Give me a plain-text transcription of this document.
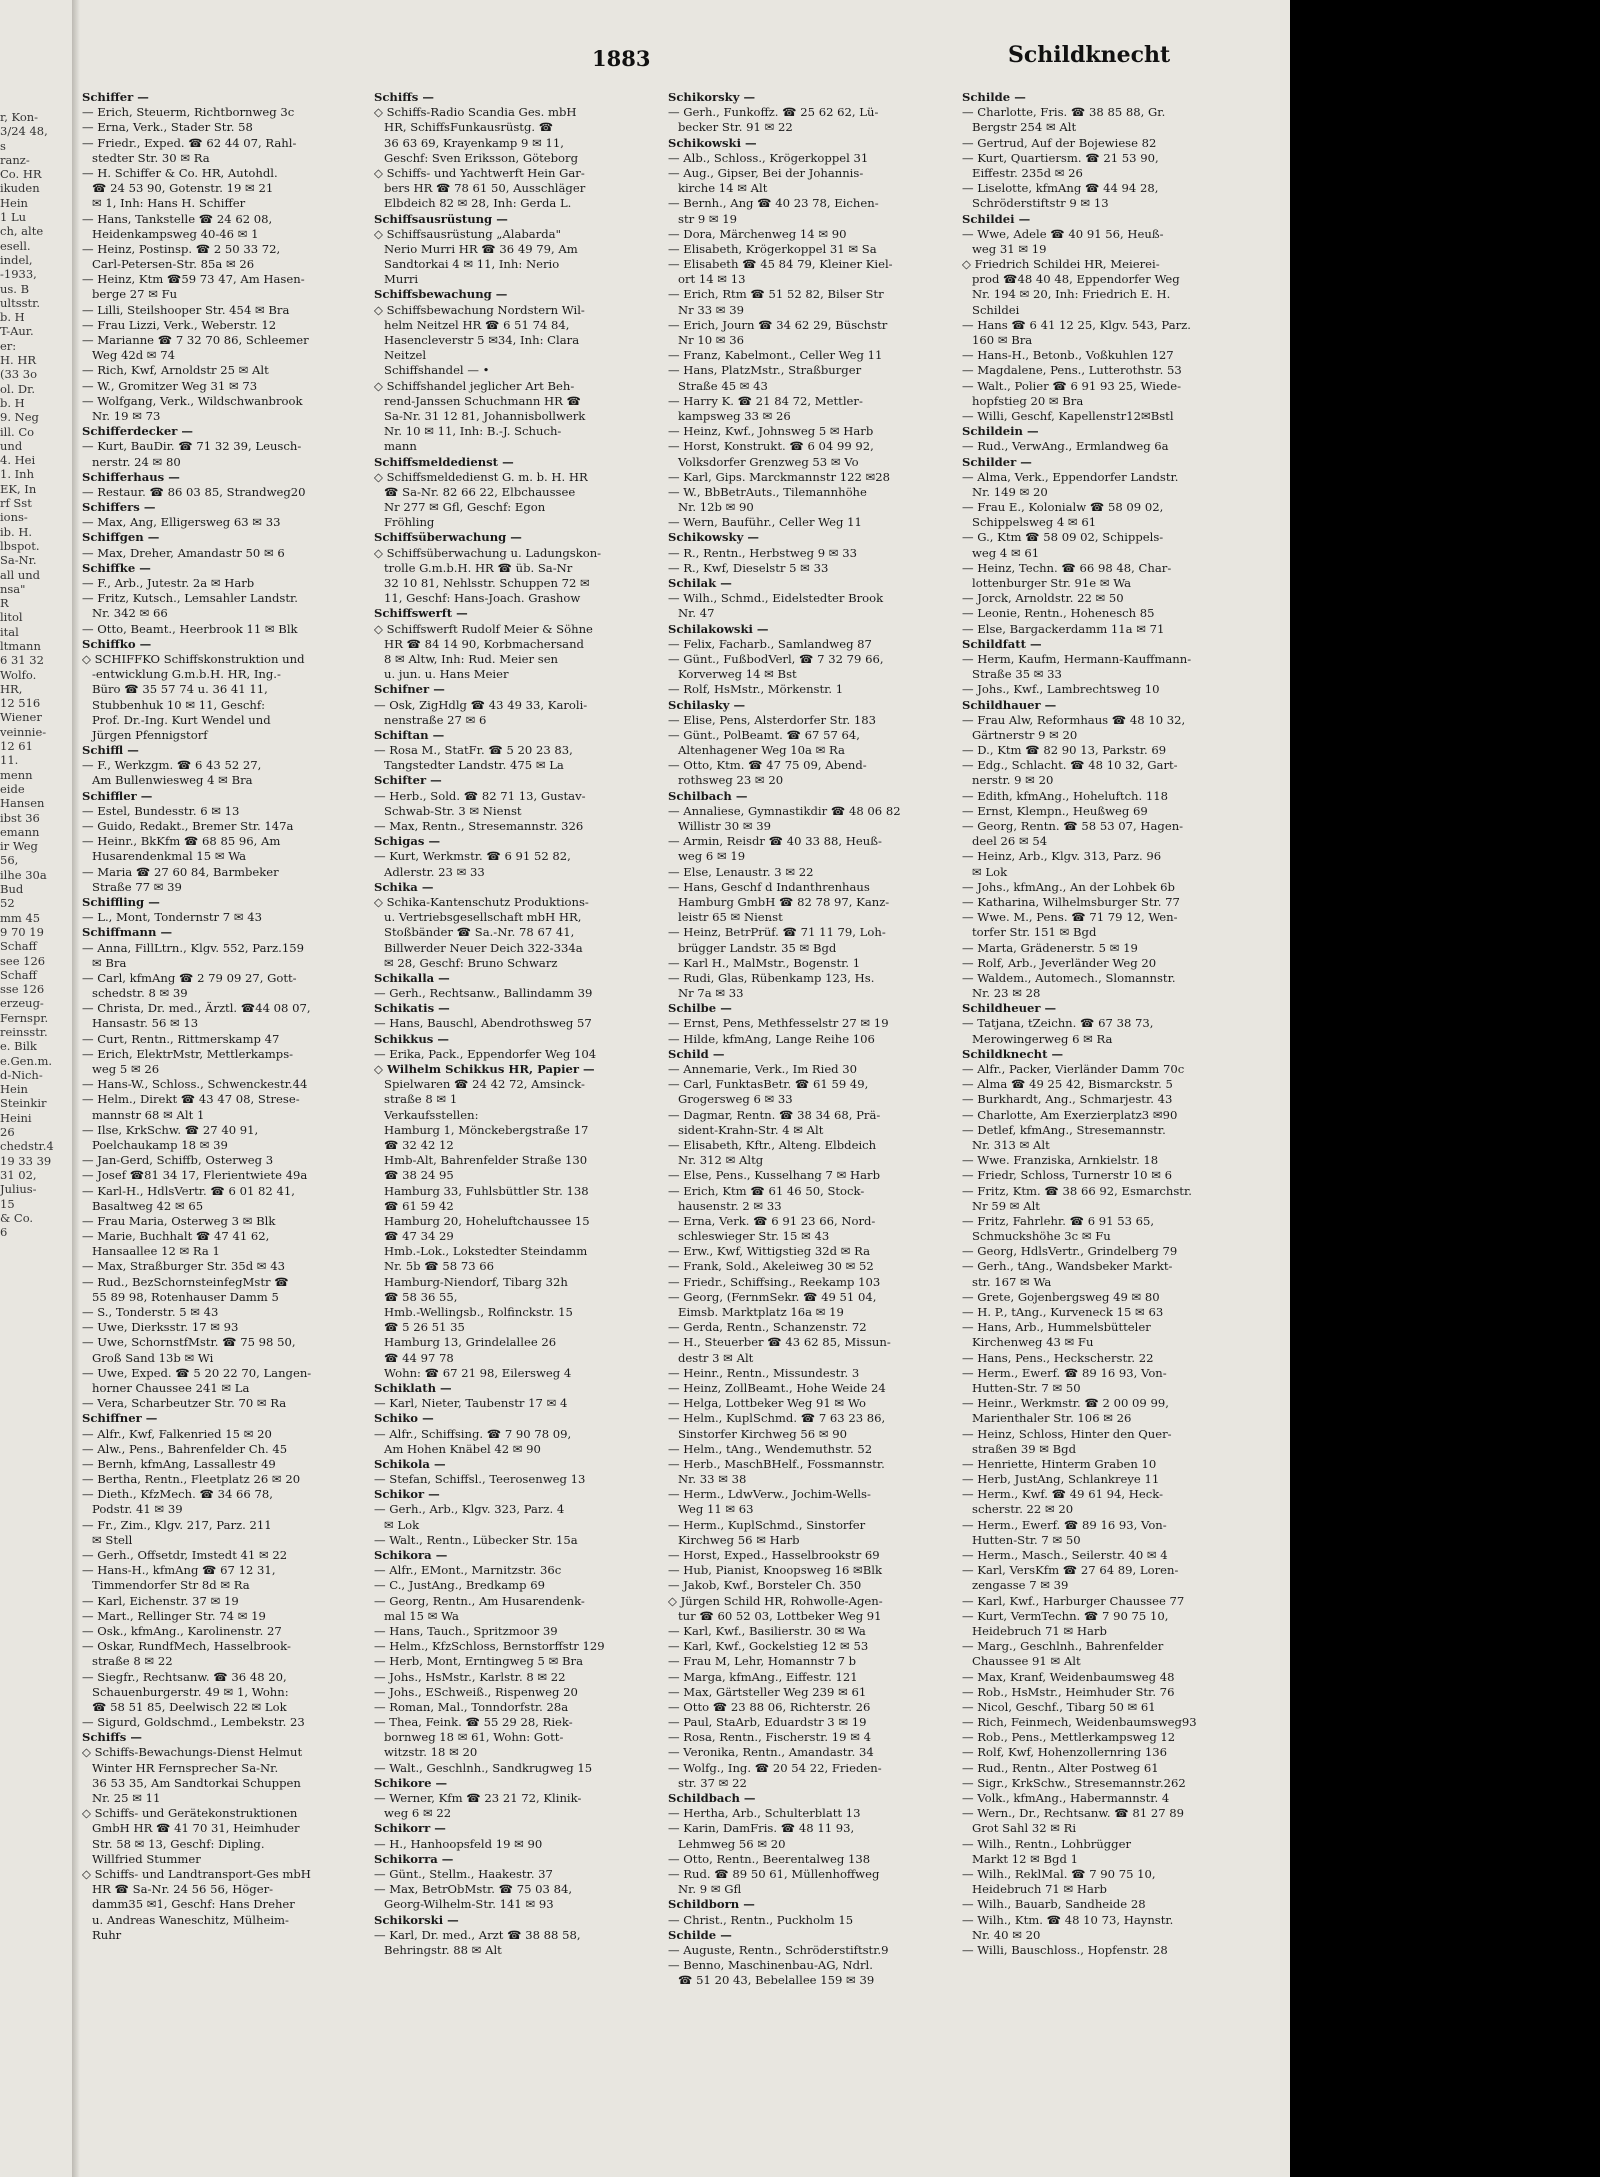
r, Kon-
3/24 48,
s
ranz-
Co. HR
ikuden
Hein
1 Lu
ch, alte
esell.
indel,
-1933,
us. B
ultsstr.
b. H
T-Aur.
er:
H. HR
(33 3o
ol. Dr.
b. H
9. Neg
ill. Co
und
4. Hei
1. Inh
EK, In
rf Sst
ions-
ib. H.
lbspot.
Sa-Nr.
all und
nsa"
R
litol
ital
ltmann
6 31 32
Wolfo.
HR,
12 516
Wiener
veinnie-
12 61
11.
menn
eide
Hansen
ibst 36
emann
ir Weg
56,
ilhe 30a
Bud
52
mm 45
9 70 19
Schaff
see 126
Schaff
sse 126
erzeug-
Fernspr.
reinsstr.
e. Bilk
e.Gen.m.
d-Nich-
Hein
Steinkir
Heini
26
chedstr.4
19 33 39
31 02,
Julius-
15
& Co.
6
1883	Schildknecht
Schiffer —
— Erich, Steuerm, Richtbornweg 3c
— Erna, Verk., Stader Str. 58
— Friedr., Exped. ☎ 62 44 07, Rahl-
stedter Str. 30 ✉ Ra
— H. Schiffer & Co. HR, Autohdl.
☎ 24 53 90, Gotenstr. 19 ✉ 21
✉ 1, Inh: Hans H. Schiffer
— Hans, Tankstelle ☎ 24 62 08,
Heidenkampsweg 40-46 ✉ 1
— Heinz, Postinsp. ☎ 2 50 33 72,
Carl-Petersen-Str. 85a ✉ 26
— Heinz, Ktm ☎59 73 47, Am Hasen-
berge 27 ✉ Fu
— Lilli, Steilshooper Str. 454 ✉ Bra
— Frau Lizzi, Verk., Weberstr. 12
— Marianne ☎ 7 32 70 86, Schleemer
Weg 42d ✉ 74
— Rich, Kwf, Arnoldstr 25 ✉ Alt
— W., Gromitzer Weg 31 ✉ 73
— Wolfgang, Verk., Wildschwanbrook
Nr. 19 ✉ 73
Schifferdecker —
— Kurt, BauDir. ☎ 71 32 39, Leusch-
nerstr. 24 ✉ 80
Schifferhaus —
— Restaur. ☎ 86 03 85, Strandweg20
Schiffers —
— Max, Ang, Elligersweg 63 ✉ 33
Schiffgen —
— Max, Dreher, Amandastr 50 ✉ 6
Schiffke —
— F., Arb., Jutestr. 2a ✉ Harb
— Fritz, Kutsch., Lemsahler Landstr.
Nr. 342 ✉ 66
— Otto, Beamt., Heerbrook 11 ✉ Blk
Schiffko —
◇ SCHIFFKO Schiffskonstruktion und
-entwicklung G.m.b.H. HR, Ing.-
Büro ☎ 35 57 74 u. 36 41 11,
Stubbenhuk 10 ✉ 11, Geschf:
Prof. Dr.-Ing. Kurt Wendel und
Jürgen Pfennigstorf
Schiffl —
— F., Werkzgm. ☎ 6 43 52 27,
Am Bullenwiesweg 4 ✉ Bra
Schiffler —
— Estel, Bundesstr. 6 ✉ 13
— Guido, Redakt., Bremer Str. 147a
— Heinr., BkKfm ☎ 68 85 96, Am
Husarendenkmal 15 ✉ Wa
— Maria ☎ 27 60 84, Barmbeker
Straße 77 ✉ 39
Schiffling —
— L., Mont, Tondernstr 7 ✉ 43
Schiffmann —
— Anna, FillLtrn., Klgv. 552, Parz.159
✉ Bra
— Carl, kfmAng ☎ 2 79 09 27, Gott-
schedstr. 8 ✉ 39
— Christa, Dr. med., Ärztl. ☎44 08 07,
Hansastr. 56 ✉ 13
— Curt, Rentn., Rittmerskamp 47
— Erich, ElektrMstr, Mettlerkamps-
weg 5 ✉ 26
— Hans-W., Schloss., Schwenckestr.44
— Helm., Direkt ☎ 43 47 08, Strese-
mannstr 68 ✉ Alt 1
— Ilse, KrkSchw. ☎ 27 40 91,
Poelchaukamp 18 ✉ 39
— Jan-Gerd, Schiffb, Osterweg 3
— Josef ☎81 34 17, Flerientwiete 49a
— Karl-H., HdlsVertr. ☎ 6 01 82 41,
Basaltweg 42 ✉ 65
— Frau Maria, Osterweg 3 ✉ Blk
— Marie, Buchhalt ☎ 47 41 62,
Hansaallee 12 ✉ Ra 1
— Max, Straßburger Str. 35d ✉ 43
— Rud., BezSchornsteinfegMstr ☎
55 89 98, Rotenhauser Damm 5
— S., Tonderstr. 5 ✉ 43
— Uwe, Dierksstr. 17 ✉ 93
— Uwe, SchornstfMstr. ☎ 75 98 50,
Groß Sand 13b ✉ Wi
— Uwe, Exped. ☎ 5 20 22 70, Langen-
horner Chaussee 241 ✉ La
— Vera, Scharbeutzer Str. 70 ✉ Ra
Schiffner —
— Alfr., Kwf, Falkenried 15 ✉ 20
— Alw., Pens., Bahrenfelder Ch. 45
— Bernh, kfmAng, Lassallestr 49
— Bertha, Rentn., Fleetplatz 26 ✉ 20
— Dieth., KfzMech. ☎ 34 66 78,
Podstr. 41 ✉ 39
— Fr., Zim., Klgv. 217, Parz. 211
✉ Stell
— Gerh., Offsetdr, Imstedt 41 ✉ 22
— Hans-H., kfmAng ☎ 67 12 31,
Timmendorfer Str 8d ✉ Ra
— Karl, Eichenstr. 37 ✉ 19
— Mart., Rellinger Str. 74 ✉ 19
— Osk., kfmAng., Karolinenstr. 27
— Oskar, RundfMech, Hasselbrook-
straße 8 ✉ 22
— Siegfr., Rechtsanw. ☎ 36 48 20,
Schauenburgerstr. 49 ✉ 1, Wohn:
☎ 58 51 85, Deelwisch 22 ✉ Lok
— Sigurd, Goldschmd., Lembekstr. 23
Schiffs —
◇ Schiffs-Bewachungs-Dienst Helmut
Winter HR Fernsprecher Sa-Nr.
36 53 35, Am Sandtorkai Schuppen
Nr. 25 ✉ 11
◇ Schiffs- und Gerätekonstruktionen
GmbH HR ☎ 41 70 31, Heimhuder
Str. 58 ✉ 13, Geschf: Dipling.
Willfried Stummer
◇ Schiffs- und Landtransport-Ges mbH
HR ☎ Sa-Nr. 24 56 56, Höger-
damm35 ✉1, Geschf: Hans Dreher
u. Andreas Waneschitz, Mülheim-
Ruhr
Schiffs —
◇ Schiffs-Radio Scandia Ges. mbH
HR, SchiffsFunkausrüstg. ☎
36 63 69, Krayenkamp 9 ✉ 11,
Geschf: Sven Eriksson, Göteborg
◇ Schiffs- und Yachtwerft Hein Gar-
bers HR ☎ 78 61 50, Ausschläger
Elbdeich 82 ✉ 28, Inh: Gerda L.
Schiffsausrüstung —
◇ Schiffsausrüstung „Alabarda"
Nerio Murri HR ☎ 36 49 79, Am
Sandtorkai 4 ✉ 11, Inh: Nerio
Murri
Schiffsbewachung —
◇ Schiffsbewachung Nordstern Wil-
helm Neitzel HR ☎ 6 51 74 84,
Hasencleverstr 5 ✉34, Inh: Clara
Neitzel
Schiffshandel — •
◇ Schiffshandel jeglicher Art Beh-
rend-Janssen Schuchmann HR ☎
Sa-Nr. 31 12 81, Johannisbollwerk
Nr. 10 ✉ 11, Inh: B.-J. Schuch-
mann
Schiffsmeldedienst —
◇ Schiffsmeldedienst G. m. b. H. HR
☎ Sa-Nr. 82 66 22, Elbchaussee
Nr 277 ✉ Gfl, Geschf: Egon
Fröhling
Schiffsüberwachung —
◇ Schiffsüberwachung u. Ladungskon-
trolle G.m.b.H. HR ☎ üb. Sa-Nr
32 10 81, Nehlsstr. Schuppen 72 ✉
11, Geschf: Hans-Joach. Grashow
Schiffswerft —
◇ Schiffswerft Rudolf Meier & Söhne
HR ☎ 84 14 90, Korbmachersand
8 ✉ Altw, Inh: Rud. Meier sen
u. jun. u. Hans Meier
Schifner —
— Osk, ZigHdlg ☎ 43 49 33, Karoli-
nenstraße 27 ✉ 6
Schiftan —
— Rosa M., StatFr. ☎ 5 20 23 83,
Tangstedter Landstr. 475 ✉ La
Schifter —
— Herb., Sold. ☎ 82 71 13, Gustav-
Schwab-Str. 3 ✉ Nienst
— Max, Rentn., Stresemannstr. 326
Schigas —
— Kurt, Werkmstr. ☎ 6 91 52 82,
Adlerstr. 23 ✉ 33
Schika —
◇ Schika-Kantenschutz Produktions-
u. Vertriebsgesellschaft mbH HR,
Stoßbänder ☎ Sa.-Nr. 78 67 41,
Billwerder Neuer Deich 322-334a
✉ 28, Geschf: Bruno Schwarz
Schikalla —
— Gerh., Rechtsanw., Ballindamm 39
Schikatis —
— Hans, Bauschl, Abendrothsweg 57
Schikkus —
— Erika, Pack., Eppendorfer Weg 104
◇ Wilhelm Schikkus HR, Papier —
Spielwaren ☎ 24 42 72, Amsinck-
straße 8 ✉ 1
Verkaufsstellen:
Hamburg 1, Mönckebergstraße 17
☎ 32 42 12
Hmb-Alt, Bahrenfelder Straße 130
☎ 38 24 95
Hamburg 33, Fuhlsbüttler Str. 138
☎ 61 59 42
Hamburg 20, Hoheluftchaussee 15
☎ 47 34 29
Hmb.-Lok., Lokstedter Steindamm
Nr. 5b ☎ 58 73 66
Hamburg-Niendorf, Tibarg 32h
☎ 58 36 55,
Hmb.-Wellingsb., Rolfinckstr. 15
☎ 5 26 51 35
Hamburg 13, Grindelallee 26
☎ 44 97 78
Wohn: ☎ 67 21 98, Eilersweg 4
Schiklath —
— Karl, Nieter, Taubenstr 17 ✉ 4
Schiko —
— Alfr., Schiffsing. ☎ 7 90 78 09,
Am Hohen Knäbel 42 ✉ 90
Schikola —
— Stefan, Schiffsl., Teerosenweg 13
Schikor —
— Gerh., Arb., Klgv. 323, Parz. 4
✉ Lok
— Walt., Rentn., Lübecker Str. 15a
Schikora —
— Alfr., EMont., Marnitzstr. 36c
— C., JustAng., Bredkamp 69
— Georg, Rentn., Am Husarendenk-
mal 15 ✉ Wa
— Hans, Tauch., Spritzmoor 39
— Helm., KfzSchloss, Bernstorffstr 129
— Herb, Mont, Erntingweg 5 ✉ Bra
— Johs., HsMstr., Karlstr. 8 ✉ 22
— Johs., ESchweiß., Rispenweg 20
— Roman, Mal., Tonndorfstr. 28a
— Thea, Feink. ☎ 55 29 28, Riek-
bornweg 18 ✉ 61, Wohn: Gott-
witzstr. 18 ✉ 20
— Walt., Geschlnh., Sandkrugweg 15
Schikore —
— Werner, Kfm ☎ 23 21 72, Klinik-
weg 6 ✉ 22
Schikorr —
— H., Hanhoopsfeld 19 ✉ 90
Schikorra —
— Günt., Stellm., Haakestr. 37
— Max, BetrObMstr. ☎ 75 03 84,
Georg-Wilhelm-Str. 141 ✉ 93
Schikorski —
— Karl, Dr. med., Arzt ☎ 38 88 58,
Behringstr. 88 ✉ Alt
Schikorsky —
— Gerh., Funkoffz. ☎ 25 62 62, Lü-
becker Str. 91 ✉ 22
Schikowski —
— Alb., Schloss., Krögerkoppel 31
— Aug., Gipser, Bei der Johannis-
kirche 14 ✉ Alt
— Bernh., Ang ☎ 40 23 78, Eichen-
str 9 ✉ 19
— Dora, Märchenweg 14 ✉ 90
— Elisabeth, Krögerkoppel 31 ✉ Sa
— Elisabeth ☎ 45 84 79, Kleiner Kiel-
ort 14 ✉ 13
— Erich, Rtm ☎ 51 52 82, Bilser Str
Nr 33 ✉ 39
— Erich, Journ ☎ 34 62 29, Büschstr
Nr 10 ✉ 36
— Franz, Kabelmont., Celler Weg 11
— Hans, PlatzMstr., Straßburger
Straße 45 ✉ 43
— Harry K. ☎ 21 84 72, Mettler-
kampsweg 33 ✉ 26
— Heinz, Kwf., Johnsweg 5 ✉ Harb
— Horst, Konstrukt. ☎ 6 04 99 92,
Volksdorfer Grenzweg 53 ✉ Vo
— Karl, Gips. Marckmannstr 122 ✉28
— W., BbBetrAuts., Tilemannhöhe
Nr. 12b ✉ 90
— Wern, Bauführ., Celler Weg 11
Schikowsky —
— R., Rentn., Herbstweg 9 ✉ 33
— R., Kwf, Dieselstr 5 ✉ 33
Schilak —
— Wilh., Schmd., Eidelstedter Brook
Nr. 47
Schilakowski —
— Felix, Facharb., Samlandweg 87
— Günt., FußbodVerl, ☎ 7 32 79 66,
Korverweg 14 ✉ Bst
— Rolf, HsMstr., Mörkenstr. 1
Schilasky —
— Elise, Pens, Alsterdorfer Str. 183
— Günt., PolBeamt. ☎ 67 57 64,
Altenhagener Weg 10a ✉ Ra
— Otto, Ktm. ☎ 47 75 09, Abend-
rothsweg 23 ✉ 20
Schilbach —
— Annaliese, Gymnastikdir ☎ 48 06 82
Willistr 30 ✉ 39
— Armin, Reisdr ☎ 40 33 88, Heuß-
weg 6 ✉ 19
— Else, Lenaustr. 3 ✉ 22
— Hans, Geschf d Indanthrenhaus
Hamburg GmbH ☎ 82 78 97, Kanz-
leistr 65 ✉ Nienst
— Heinz, BetrPrüf. ☎ 71 11 79, Loh-
brügger Landstr. 35 ✉ Bgd
— Karl H., MalMstr., Bogenstr. 1
— Rudi, Glas, Rübenkamp 123, Hs.
Nr 7a ✉ 33
Schilbe —
— Ernst, Pens, Methfesselstr 27 ✉ 19
— Hilde, kfmAng, Lange Reihe 106
Schild —
— Annemarie, Verk., Im Ried 30
— Carl, FunktasBetr. ☎ 61 59 49,
Grogersweg 6 ✉ 33
— Dagmar, Rentn. ☎ 38 34 68, Prä-
sident-Krahn-Str. 4 ✉ Alt
— Elisabeth, Kftr., Alteng. Elbdeich
Nr. 312 ✉ Altg
— Else, Pens., Kusselhang 7 ✉ Harb
— Erich, Ktm ☎ 61 46 50, Stock-
hausenstr. 2 ✉ 33
— Erna, Verk. ☎ 6 91 23 66, Nord-
schleswieger Str. 15 ✉ 43
— Erw., Kwf, Wittigstieg 32d ✉ Ra
— Frank, Sold., Akeleiweg 30 ✉ 52
— Friedr., Schiffsing., Reekamp 103
— Georg, (FernmSekr. ☎ 49 51 04,
Eimsb. Marktplatz 16a ✉ 19
— Gerda, Rentn., Schanzenstr. 72
— H., Steuerber ☎ 43 62 85, Missun-
destr 3 ✉ Alt
— Heinr., Rentn., Missundestr. 3
— Heinz, ZollBeamt., Hohe Weide 24
— Helga, Lottbeker Weg 91 ✉ Wo
— Helm., KuplSchmd. ☎ 7 63 23 86,
Sinstorfer Kirchweg 56 ✉ 90
— Helm., tAng., Wendemuthstr. 52
— Herb., MaschBHelf., Fossmannstr.
Nr. 33 ✉ 38
— Herm., LdwVerw., Jochim-Wells-
Weg 11 ✉ 63
— Herm., KuplSchmd., Sinstorfer
Kirchweg 56 ✉ Harb
— Horst, Exped., Hasselbrookstr 69
— Hub, Pianist, Knoopsweg 16 ✉Blk
— Jakob, Kwf., Borsteler Ch. 350
◇ Jürgen Schild HR, Rohwolle-Agen-
tur ☎ 60 52 03, Lottbeker Weg 91
— Karl, Kwf., Basilierstr. 30 ✉ Wa
— Karl, Kwf., Gockelstieg 12 ✉ 53
— Frau M, Lehr, Homannstr 7 b
— Marga, kfmAng., Eiffestr. 121
— Max, Gärtsteller Weg 239 ✉ 61
— Otto ☎ 23 88 06, Richterstr. 26
— Paul, StaArb, Eduardstr 3 ✉ 19
— Rosa, Rentn., Fischerstr. 19 ✉ 4
— Veronika, Rentn., Amandastr. 34
— Wolfg., Ing. ☎ 20 54 22, Frieden-
str. 37 ✉ 22
Schildbach —
— Hertha, Arb., Schulterblatt 13
— Karin, DamFris. ☎ 48 11 93,
Lehmweg 56 ✉ 20
— Otto, Rentn., Beerentalweg 138
— Rud. ☎ 89 50 61, Müllenhoffweg
Nr. 9 ✉ Gfl
Schildborn —
— Christ., Rentn., Puckholm 15
Schilde —
— Auguste, Rentn., Schröderstiftstr.9
— Benno, Maschinenbau-AG, Ndrl.
☎ 51 20 43, Bebelallee 159 ✉ 39
Schilde —
— Charlotte, Fris. ☎ 38 85 88, Gr.
Bergstr 254 ✉ Alt
— Gertrud, Auf der Bojewiese 82
— Kurt, Quartiersm. ☎ 21 53 90,
Eiffestr. 235d ✉ 26
— Liselotte, kfmAng ☎ 44 94 28,
Schröderstiftstr 9 ✉ 13
Schildei —
— Wwe, Adele ☎ 40 91 56, Heuß-
weg 31 ✉ 19
◇ Friedrich Schildei HR, Meierei-
prod ☎48 40 48, Eppendorfer Weg
Nr. 194 ✉ 20, Inh: Friedrich E. H.
Schildei
— Hans ☎ 6 41 12 25, Klgv. 543, Parz.
160 ✉ Bra
— Hans-H., Betonb., Voßkuhlen 127
— Magdalene, Pens., Lutterothstr. 53
— Walt., Polier ☎ 6 91 93 25, Wiede-
hopfstieg 20 ✉ Bra
— Willi, Geschf, Kapellenstr12✉Bstl
Schildein —
— Rud., VerwAng., Ermlandweg 6a
Schilder —
— Alma, Verk., Eppendorfer Landstr.
Nr. 149 ✉ 20
— Frau E., Kolonialw ☎ 58 09 02,
Schippelsweg 4 ✉ 61
— G., Ktm ☎ 58 09 02, Schippels-
weg 4 ✉ 61
— Heinz, Techn. ☎ 66 98 48, Char-
lottenburger Str. 91e ✉ Wa
— Jorck, Arnoldstr. 22 ✉ 50
— Leonie, Rentn., Hohenesch 85
— Else, Bargackerdamm 11a ✉ 71
Schildfatt —
— Herm, Kaufm, Hermann-Kauffmann-
Straße 35 ✉ 33
— Johs., Kwf., Lambrechtsweg 10
Schildhauer —
— Frau Alw, Reformhaus ☎ 48 10 32,
Gärtnerstr 9 ✉ 20
— D., Ktm ☎ 82 90 13, Parkstr. 69
— Edg., Schlacht. ☎ 48 10 32, Gart-
nerstr. 9 ✉ 20
— Edith, kfmAng., Hoheluftch. 118
— Ernst, Klempn., Heußweg 69
— Georg, Rentn. ☎ 58 53 07, Hagen-
deel 26 ✉ 54
— Heinz, Arb., Klgv. 313, Parz. 96
✉ Lok
— Johs., kfmAng., An der Lohbek 6b
— Katharina, Wilhelmsburger Str. 77
— Wwe. M., Pens. ☎ 71 79 12, Wen-
torfer Str. 151 ✉ Bgd
— Marta, Grädenerstr. 5 ✉ 19
— Rolf, Arb., Jeverländer Weg 20
— Waldem., Automech., Slomannstr.
Nr. 23 ✉ 28
Schildheuer —
— Tatjana, tZeichn. ☎ 67 38 73,
Merowingerweg 6 ✉ Ra
Schildknecht —
— Alfr., Packer, Vierländer Damm 70c
— Alma ☎ 49 25 42, Bismarckstr. 5
— Burkhardt, Ang., Schmarjestr. 43
— Charlotte, Am Exerzierplatz3 ✉90
— Detlef, kfmAng., Stresemannstr.
Nr. 313 ✉ Alt
— Wwe. Franziska, Arnkielstr. 18
— Friedr, Schloss, Turnerstr 10 ✉ 6
— Fritz, Ktm. ☎ 38 66 92, Esmarchstr.
Nr 59 ✉ Alt
— Fritz, Fahrlehr. ☎ 6 91 53 65,
Schmuckshöhe 3c ✉ Fu
— Georg, HdlsVertr., Grindelberg 79
— Gerh., tAng., Wandsbeker Markt-
str. 167 ✉ Wa
— Grete, Gojenbergsweg 49 ✉ 80
— H. P., tAng., Kurveneck 15 ✉ 63
— Hans, Arb., Hummelsbütteler
Kirchenweg 43 ✉ Fu
— Hans, Pens., Heckscherstr. 22
— Herm., Ewerf. ☎ 89 16 93, Von-
Hutten-Str. 7 ✉ 50
— Heinr., Werkmstr. ☎ 2 00 09 99,
Marienthaler Str. 106 ✉ 26
— Heinz, Schloss, Hinter den Quer-
straßen 39 ✉ Bgd
— Henriette, Hinterm Graben 10
— Herb, JustAng, Schlankreye 11
— Herm., Kwf. ☎ 49 61 94, Heck-
scherstr. 22 ✉ 20
— Herm., Ewerf. ☎ 89 16 93, Von-
Hutten-Str. 7 ✉ 50
— Herm., Masch., Seilerstr. 40 ✉ 4
— Karl, VersKfm ☎ 27 64 89, Loren-
zengasse 7 ✉ 39
— Karl, Kwf., Harburger Chaussee 77
— Kurt, VermTechn. ☎ 7 90 75 10,
Heidebruch 71 ✉ Harb
— Marg., Geschlnh., Bahrenfelder
Chaussee 91 ✉ Alt
— Max, Kranf, Weidenbaumsweg 48
— Rob., HsMstr., Heimhuder Str. 76
— Nicol, Geschf., Tibarg 50 ✉ 61
— Rich, Feinmech, Weidenbaumsweg93
— Rob., Pens., Mettlerkampsweg 12
— Rolf, Kwf, Hohenzollernring 136
— Rud., Rentn., Alter Postweg 61
— Sigr., KrkSchw., Stresemannstr.262
— Volk., kfmAng., Habermannstr. 4
— Wern., Dr., Rechtsanw. ☎ 81 27 89
Grot Sahl 32 ✉ Ri
— Wilh., Rentn., Lohbrügger
Markt 12 ✉ Bgd 1
— Wilh., ReklMal. ☎ 7 90 75 10,
Heidebruch 71 ✉ Harb
— Wilh., Bauarb, Sandheide 28
— Wilh., Ktm. ☎ 48 10 73, Haynstr.
Nr. 40 ✉ 20
— Willi, Bauschloss., Hopfenstr. 28
